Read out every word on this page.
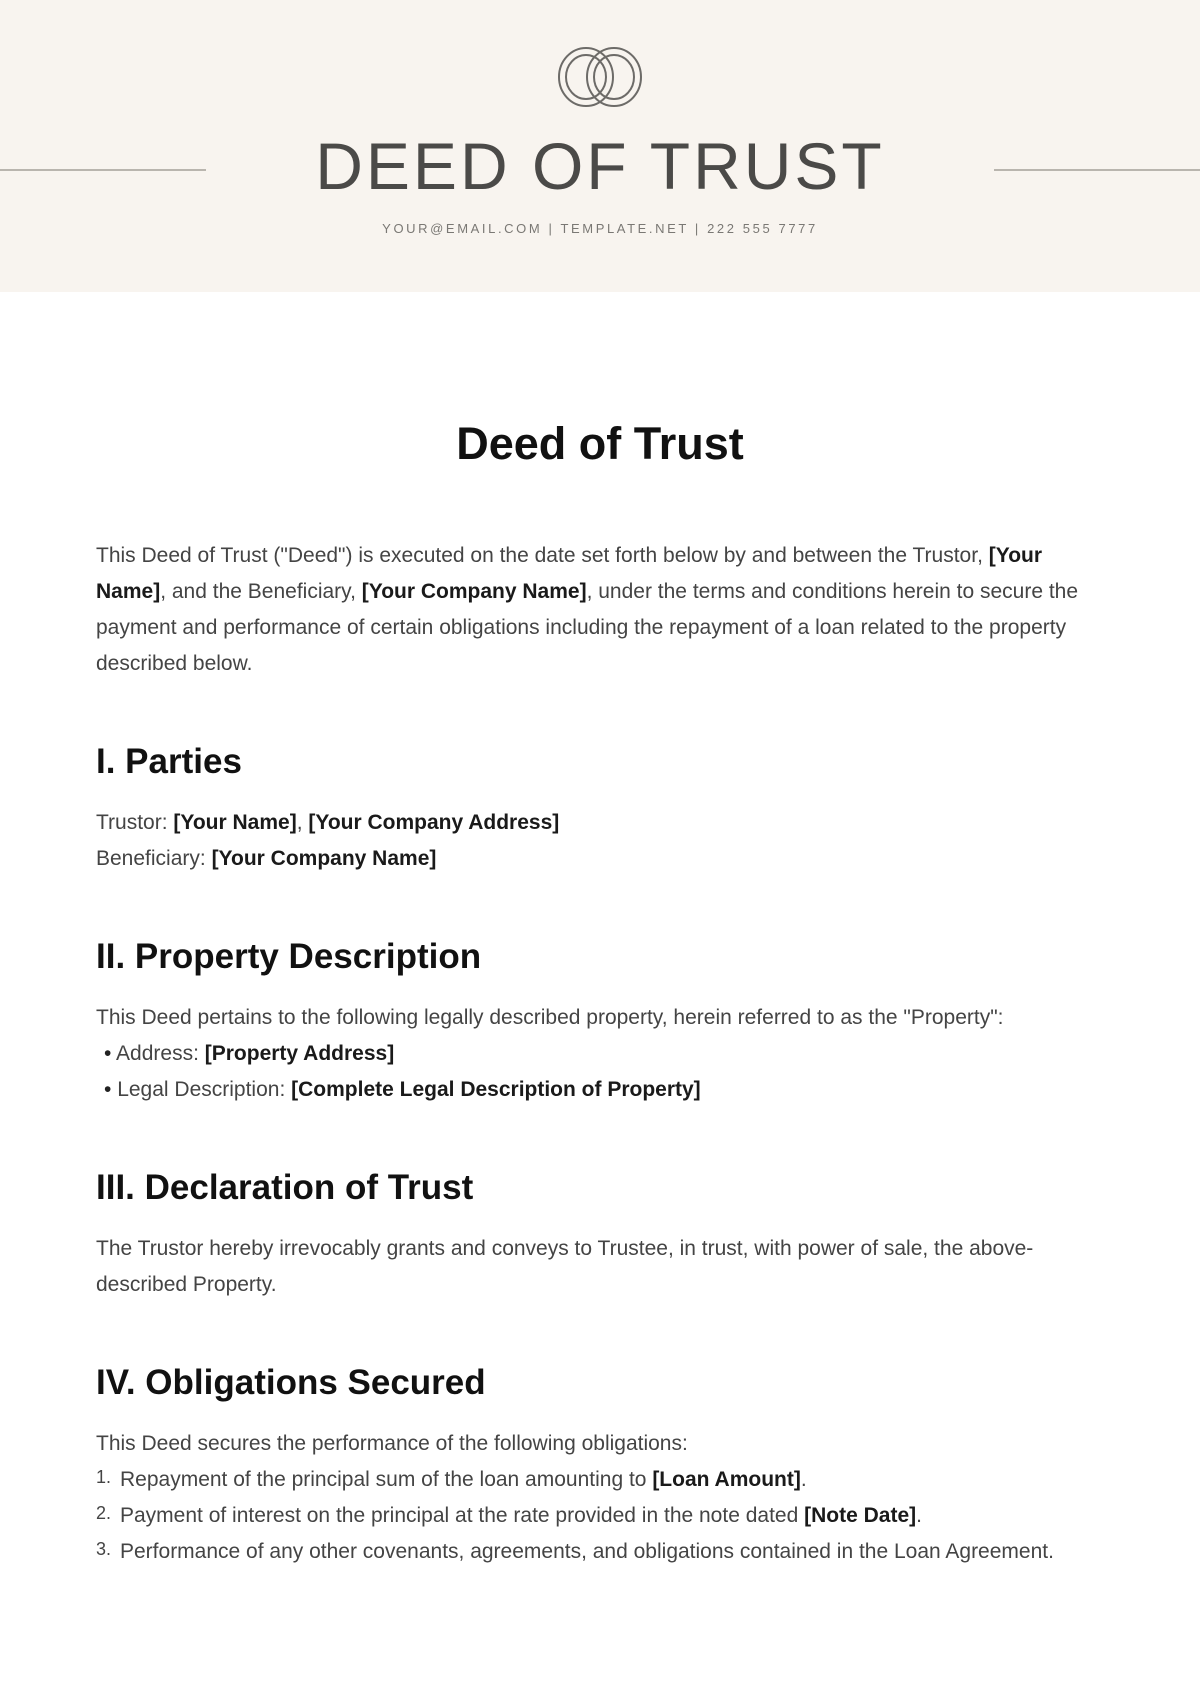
DEED OF TRUST
YOUR@EMAIL.COM | TEMPLATE.NET | 222 555 7777
Deed of Trust

This Deed of Trust ("Deed") is executed on the date set forth below by and between the Trustor, [Your Name], and the Beneficiary, [Your Company Name], under the terms and conditions herein to secure the payment and performance of certain obligations including the repayment of a loan related to the property described below.

I. Parties

Trustor: [Your Name], [Your Company Address]

Beneficiary: [Your Company Name]

II. Property Description

This Deed pertains to the following legally described property, herein referred to as the "Property":

• Address: [Property Address]
• Legal Description: [Complete Legal Description of Property]
III. Declaration of Trust

The Trustor hereby irrevocably grants and conveys to Trustee, in trust, with power of sale, the above-described Property.

IV. Obligations Secured

This Deed secures the performance of the following obligations:

1. Repayment of the principal sum of the loan amounting to [Loan Amount].
2. Payment of interest on the principal at the rate provided in the note dated [Note Date].
3. Performance of any other covenants, agreements, and obligations contained in the Loan Agreement.
